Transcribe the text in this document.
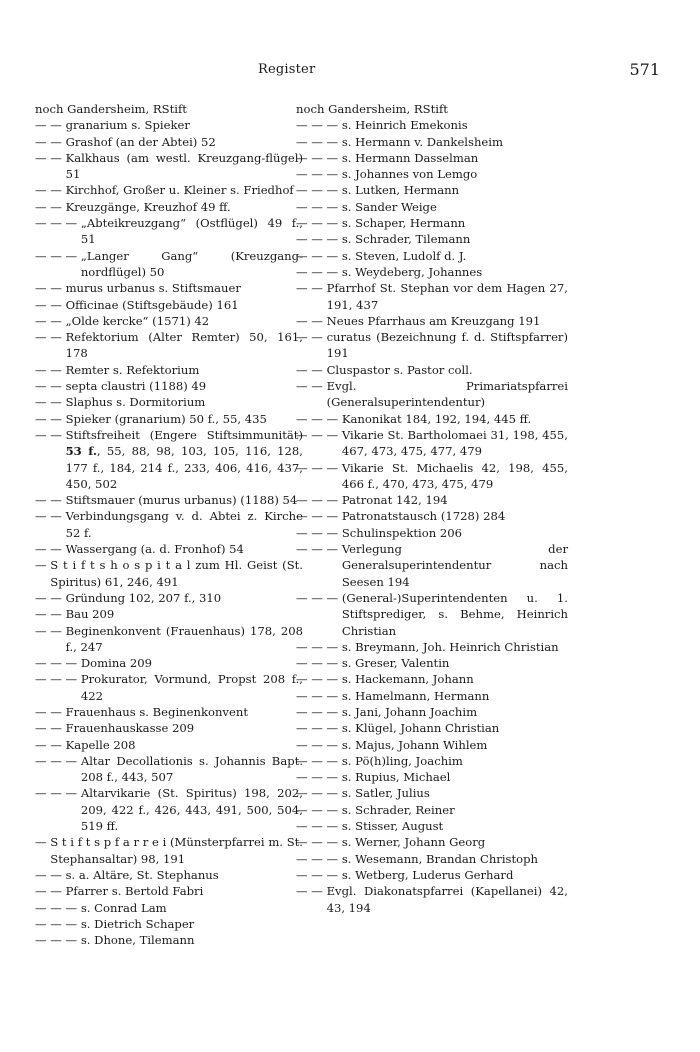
Register	571
noch Gandersheim, RStift
— — granarium s. Spieker
— — Grashof (an der Abtei) 52
— — Kalkhaus (am westl. Kreuzgang-flügel) 51
— — Kirchhof, Großer u. Kleiner s. Friedhof
— — Kreuzgänge, Kreuzhof 49 ff.
— — — „Abteikreuzgang“ (Ostflügel) 49 f., 51
— — — „Langer Gang“ (Kreuzgang-nordflügel) 50
— — murus urbanus s. Stiftsmauer
— — Officinae (Stiftsgebäude) 161
— — „Olde kercke“ (1571) 42
— — Refektorium (Alter Remter) 50, 161, 178
— — Remter s. Refektorium
— — septa claustri (1188) 49
— — Slaphus s. Dormitorium
— — Spieker (granarium) 50 f., 55, 435
— — Stiftsfreiheit (Engere Stiftsimmunität) 53 f., 55, 88, 98, 103, 105, 116, 128, 177 f., 184, 214 f., 233, 406, 416, 437, 450, 502
— — Stiftsmauer (murus urbanus) (1188) 54
— — Verbindungsgang v. d. Abtei z. Kirche 52 f.
— — Wassergang (a. d. Fronhof) 54
— S t i f t s h o s p i t a l zum Hl. Geist (St. Spiritus) 61, 246, 491
— — Gründung 102, 207 f., 310
— — Bau 209
— — Beginenkonvent (Frauenhaus) 178, 208 f., 247
— — — Domina 209
— — — Prokurator, Vormund, Propst 208 f., 422
— — Frauenhaus s. Beginenkonvent
— — Frauenhauskasse 209
— — Kapelle 208
— — — Altar Decollationis s. Johannis Bapt. 208 f., 443, 507
— — — Altarvikarie (St. Spiritus) 198, 202, 209, 422 f., 426, 443, 491, 500, 504, 519 ff.
— S t i f t s p f a r r e i (Münsterpfarrei m. St. Stephansaltar) 98, 191
— — s. a. Altäre, St. Stephanus
— — Pfarrer s. Bertold Fabri
— — — s. Conrad Lam
— — — s. Dietrich Schaper
— — — s. Dhone, Tilemann
noch Gandersheim, RStift
— — — s. Heinrich Emekonis
— — — s. Hermann v. Dankelsheim
— — — s. Hermann Dasselman
— — — s. Johannes von Lemgo
— — — s. Lutken, Hermann
— — — s. Sander Weige
— — — s. Schaper, Hermann
— — — s. Schrader, Tilemann
— — — s. Steven, Ludolf d. J.
— — — s. Weydeberg, Johannes
— — Pfarrhof St. Stephan vor dem Hagen 27, 191, 437
— — Neues Pfarrhaus am Kreuzgang 191
— — curatus (Bezeichnung f. d. Stiftspfarrer) 191
— — Cluspastor s. Pastor coll.
— — Evgl. Primariatspfarrei (Generalsuperintendentur)
— — — Kanonikat 184, 192, 194, 445 ff.
— — — Vikarie St. Bartholomaei 31, 198, 455, 467, 473, 475, 477, 479
— — — Vikarie St. Michaelis 42, 198, 455, 466 f., 470, 473, 475, 479
— — — Patronat 142, 194
— — — Patronatstausch (1728) 284
— — — Schulinspektion 206
— — — Verlegung der Generalsuperintendentur nach Seesen 194
— — — (General-)Superintendenten u. 1. Stiftsprediger, s. Behme, Heinrich Christian
— — — s. Breymann, Joh. Heinrich Christian
— — — s. Greser, Valentin
— — — s. Hackemann, Johann
— — — s. Hamelmann, Hermann
— — — s. Jani, Johann Joachim
— — — s. Klügel, Johann Christian
— — — s. Majus, Johann Wihlem
— — — s. Pö(h)ling, Joachim
— — — s. Rupius, Michael
— — — s. Satler, Julius
— — — s. Schrader, Reiner
— — — s. Stisser, August
— — — s. Werner, Johann Georg
— — — s. Wesemann, Brandan Christoph
— — — s. Wetberg, Luderus Gerhard
— — Evgl. Diakonatspfarrei (Kapellanei) 42, 43, 194
